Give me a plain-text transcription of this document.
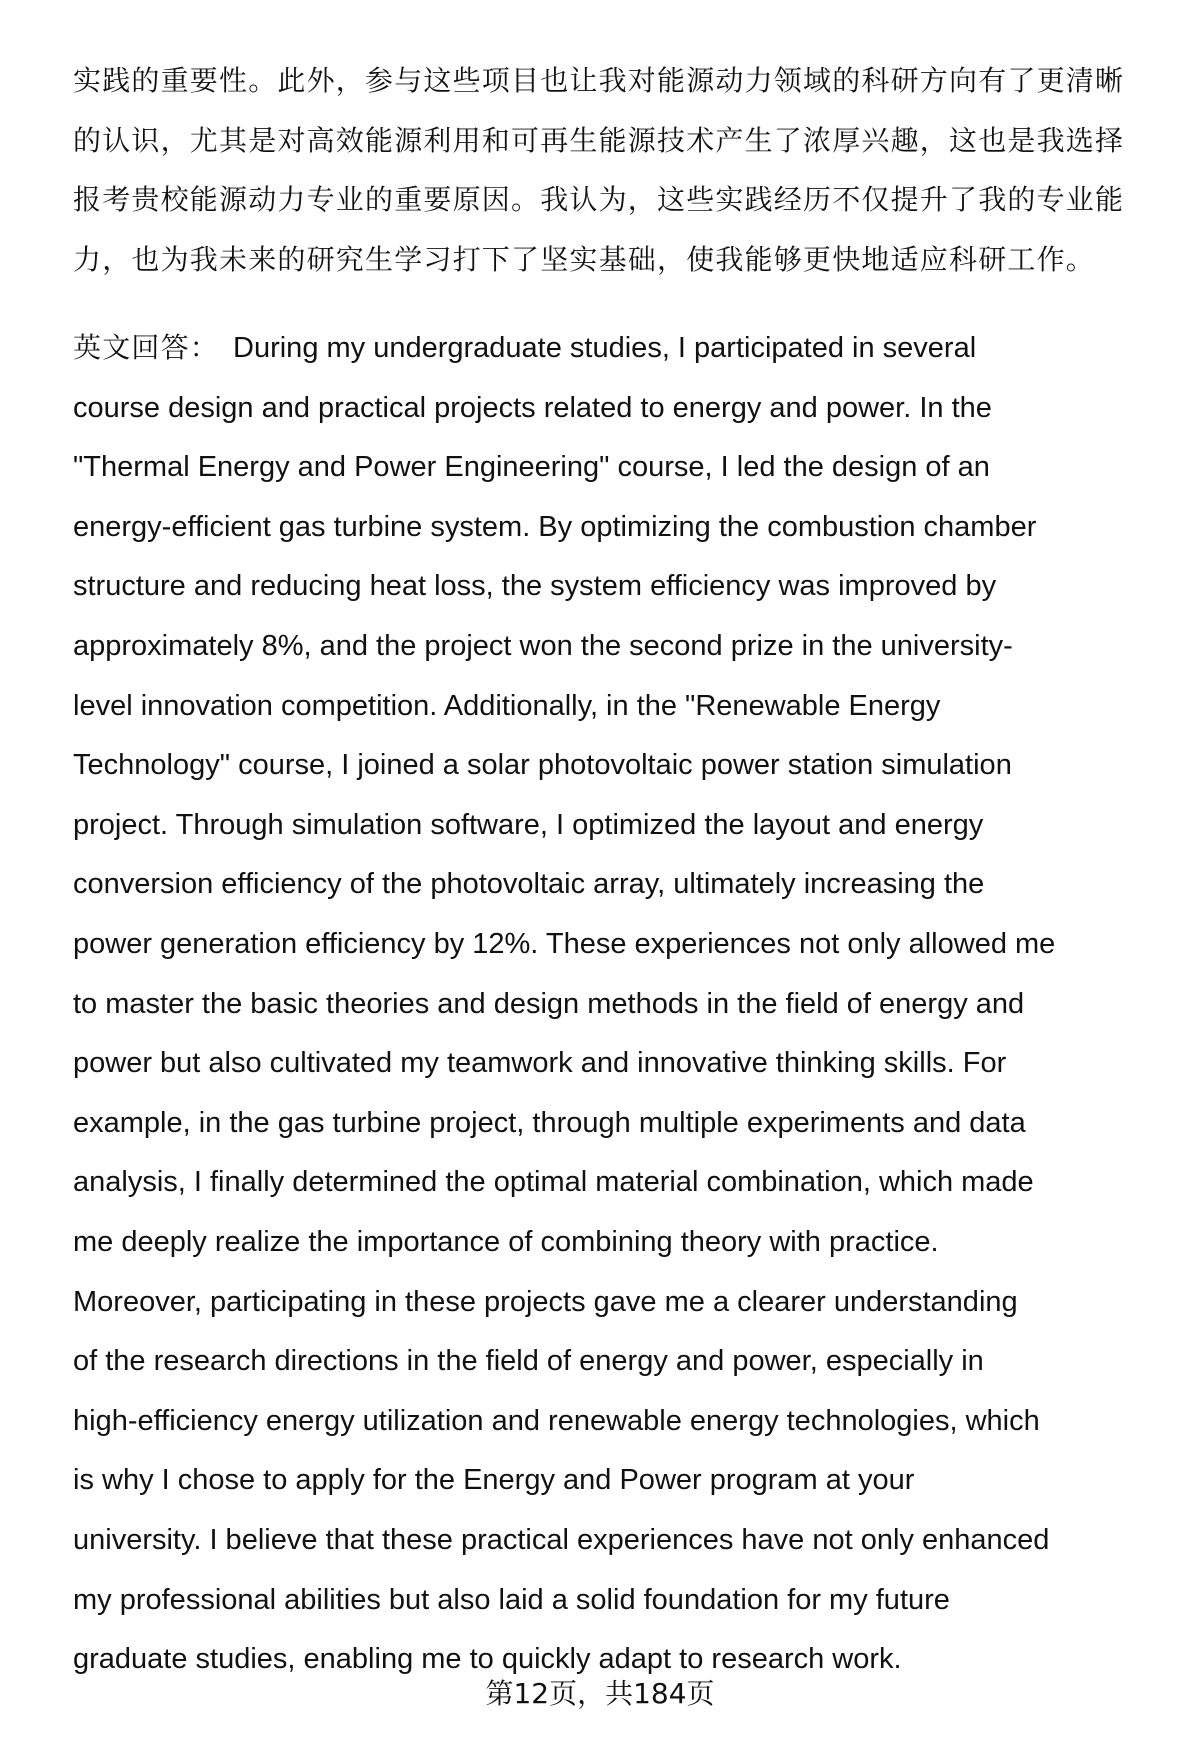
实践的重要性。此外，参与这些项目也让我对能源动力领域的科研方向有了更清晰
的认识，尤其是对高效能源利用和可再生能源技术产生了浓厚兴趣，这也是我选择
报考贵校能源动力专业的重要原因。我认为，这些实践经历不仅提升了我的专业能
力，也为我未来的研究生学习打下了坚实基础，使我能够更快地适应科研工作。
英文回答： During my undergraduate studies, I participated in several
course design and practical projects related to energy and power. In the
"Thermal Energy and Power Engineering" course, I led the design of an
energy-efficient gas turbine system. By optimizing the combustion chamber
structure and reducing heat loss, the system efficiency was improved by
approximately 8%, and the project won the second prize in the university-
level innovation competition. Additionally, in the "Renewable Energy
Technology" course, I joined a solar photovoltaic power station simulation
project. Through simulation software, I optimized the layout and energy
conversion efficiency of the photovoltaic array, ultimately increasing the
power generation efficiency by 12%. These experiences not only allowed me
to master the basic theories and design methods in the field of energy and
power but also cultivated my teamwork and innovative thinking skills. For
example, in the gas turbine project, through multiple experiments and data
analysis, I finally determined the optimal material combination, which made
me deeply realize the importance of combining theory with practice.
Moreover, participating in these projects gave me a clearer understanding
of the research directions in the field of energy and power, especially in
high-efficiency energy utilization and renewable energy technologies, which
is why I chose to apply for the Energy and Power program at your
university. I believe that these practical experiences have not only enhanced
my professional abilities but also laid a solid foundation for my future
graduate studies, enabling me to quickly adapt to research work.
第12页，共184页
